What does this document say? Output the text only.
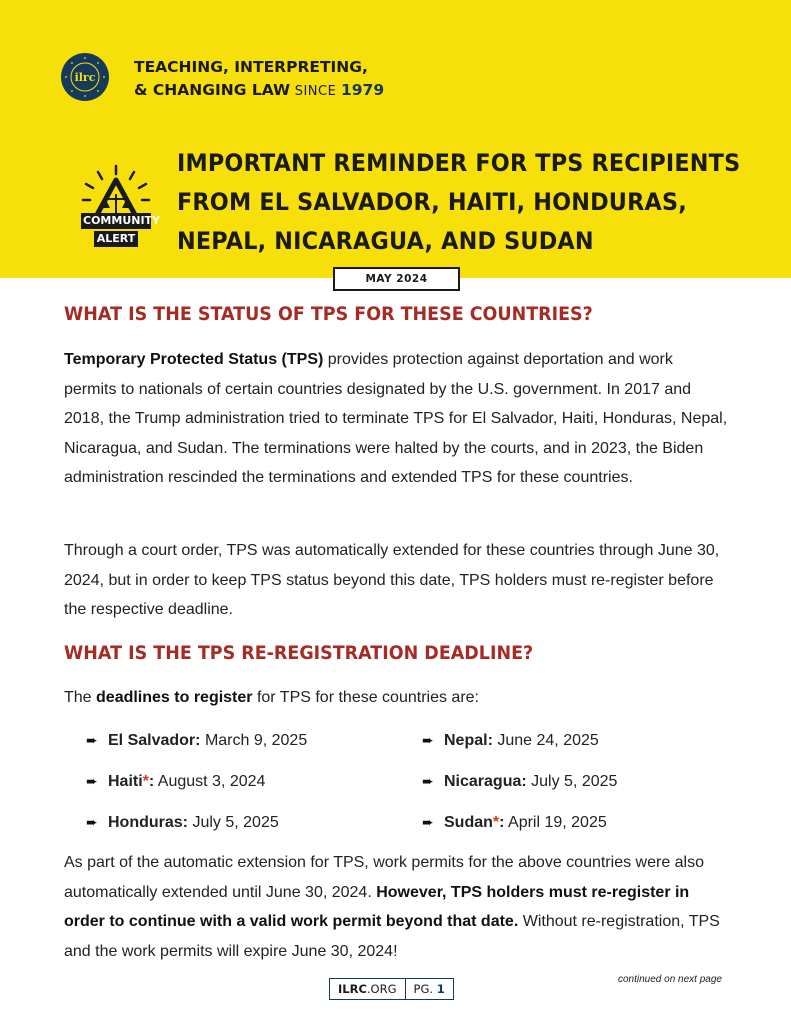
ilrc
TEACHING, INTERPRETING,
& CHANGING LAW SINCE 1979
COMMUNITY
ALERT
IMPORTANT REMINDER FOR TPS RECIPIENTS
FROM EL SALVADOR, HAITI, HONDURAS,
NEPAL, NICARAGUA, AND SUDAN
MAY 2024
WHAT IS THE STATUS OF TPS FOR THESE COUNTRIES?
Temporary Protected Status (TPS) provides protection against deportation and work permits to nationals of certain countries designated by the U.S. government. In 2017 and 2018, the Trump administration tried to terminate TPS for El Salvador, Haiti, Honduras, Nepal, Nicaragua, and Sudan. The terminations were halted by the courts, and in 2023, the Biden administration rescinded the terminations and extended TPS for these countries.
Through a court order, TPS was automatically extended for these countries through June 30, 2024, but in order to keep TPS status beyond this date, TPS holders must re-register before the respective deadline.
WHAT IS THE TPS RE-REGISTRATION DEADLINE?
The deadlines to register for TPS for these countries are:
➨ El Salvador: March 9, 2025
➨ Haiti*: August 3, 2024
➨ Honduras: July 5, 2025
➨ Nepal: June 24, 2025
➨ Nicaragua: July 5, 2025
➨ Sudan*: April 19, 2025
As part of the automatic extension for TPS, work permits for the above countries were also automatically extended until June 30, 2024. However, TPS holders must re-register in order to continue with a valid work permit beyond that date. Without re-registration, TPS and the work permits will expire June 30, 2024!
ILRC.ORG	PG. 1
continued on next page
